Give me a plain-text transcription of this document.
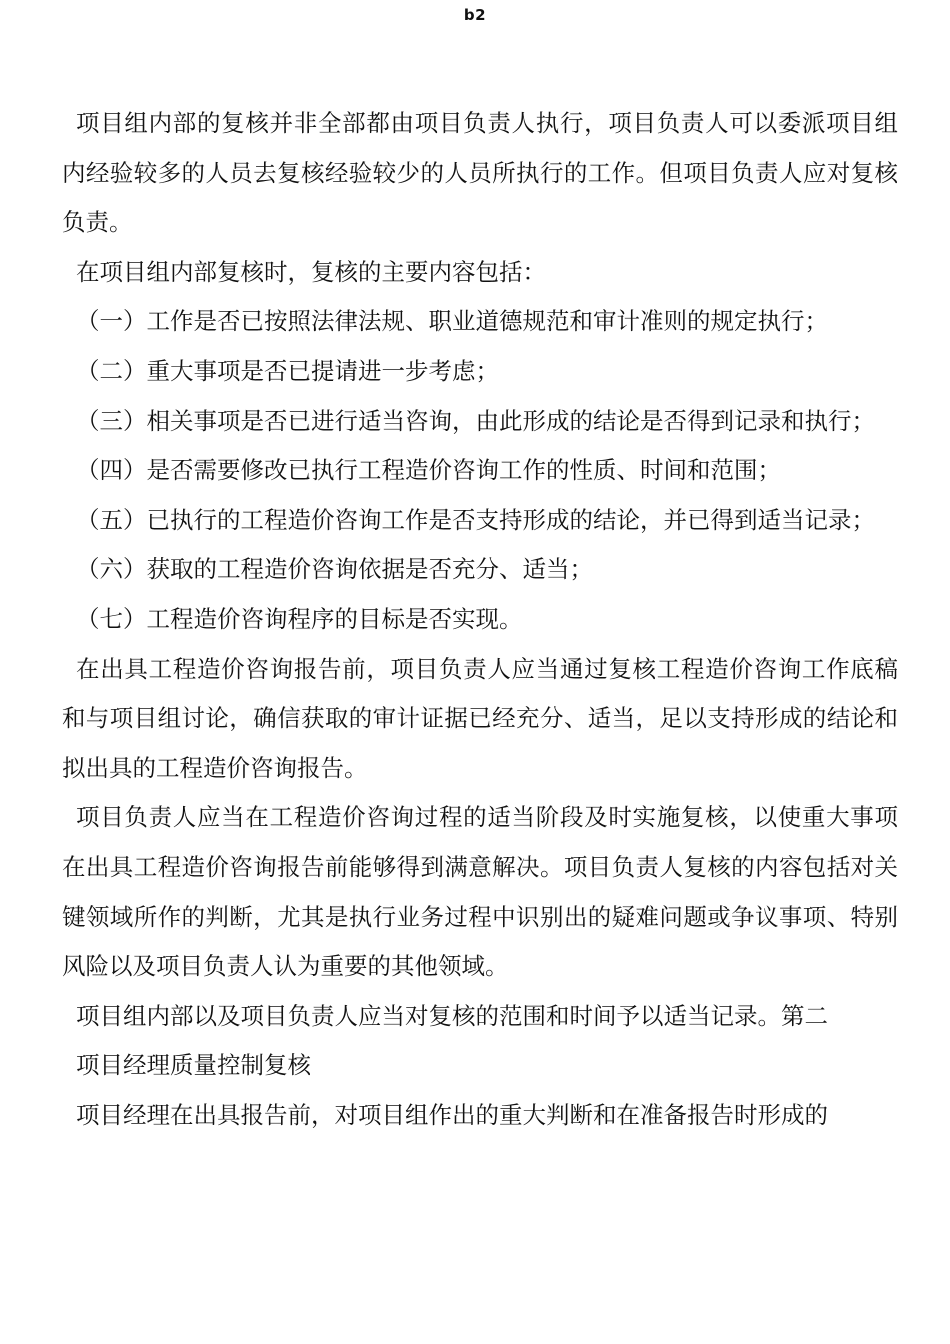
b2

项目组内部的复核并非全部都由项目负责人执行，项目负责人可以委派项目组内经验较多的人员去复核经验较少的人员所执行的工作。但项目负责人应对复核负责。

在项目组内部复核时，复核的主要内容包括：

（一）工作是否已按照法律法规、职业道德规范和审计准则的规定执行；

（二）重大事项是否已提请进一步考虑；

（三）相关事项是否已进行适当咨询，由此形成的结论是否得到记录和执行；

（四）是否需要修改已执行工程造价咨询工作的性质、时间和范围；

（五）已执行的工程造价咨询工作是否支持形成的结论，并已得到适当记录；

（六）获取的工程造价咨询依据是否充分、适当；

（七）工程造价咨询程序的目标是否实现。

在出具工程造价咨询报告前，项目负责人应当通过复核工程造价咨询工作底稿和与项目组讨论，确信获取的审计证据已经充分、适当，足以支持形成的结论和拟出具的工程造价咨询报告。

项目负责人应当在工程造价咨询过程的适当阶段及时实施复核，以使重大事项在出具工程造价咨询报告前能够得到满意解决。项目负责人复核的内容包括对关键领域所作的判断，尤其是执行业务过程中识别出的疑难问题或争议事项、特别风险以及项目负责人认为重要的其他领域。

项目组内部以及项目负责人应当对复核的范围和时间予以适当记录。第二

项目经理质量控制复核

项目经理在出具报告前，对项目组作出的重大判断和在准备报告时形成的
